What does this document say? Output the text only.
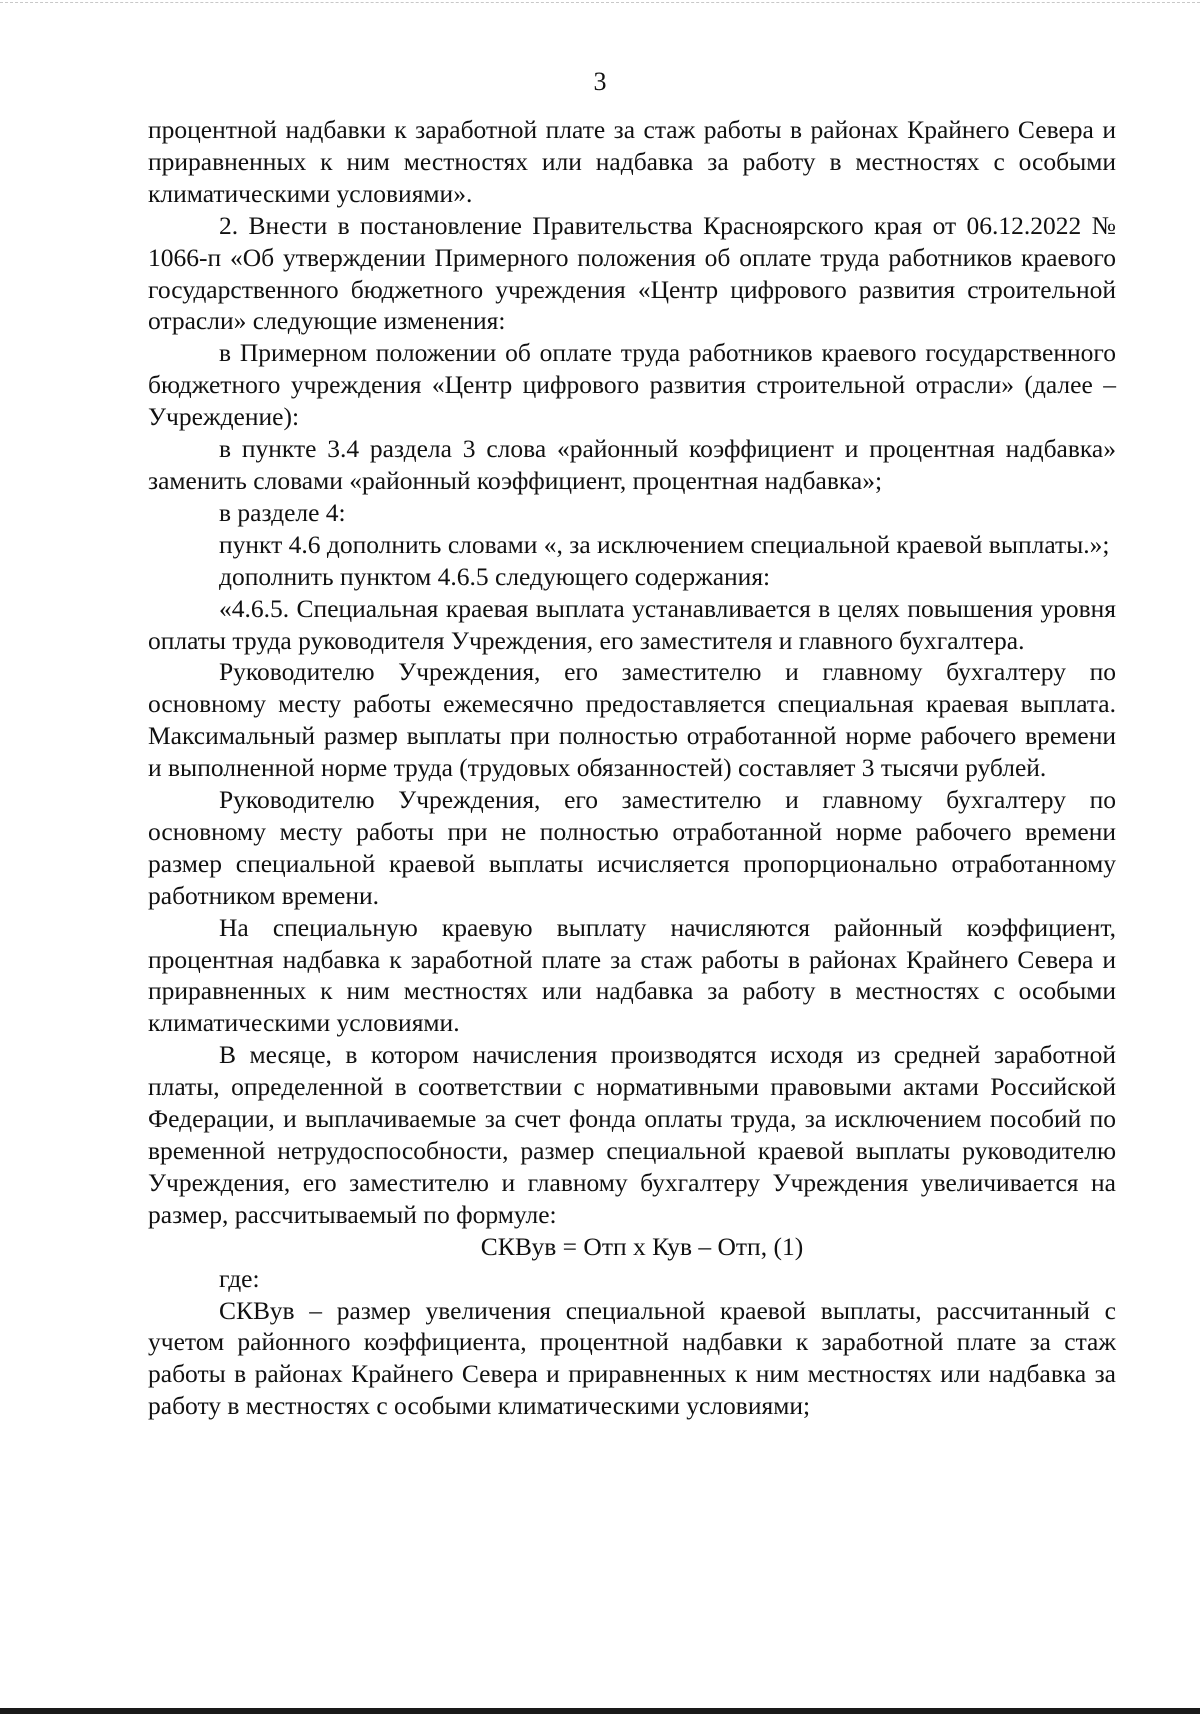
3

процентной надбавки к заработной плате за стаж работы в районах Крайнего Севера и приравненных к ним местностях или надбавка за работу в местностях с особыми климатическими условиями».

2. Внести в постановление Правительства Красноярского края от 06.12.2022 № 1066-п «Об утверждении Примерного положения об оплате труда работников краевого государственного бюджетного учреждения «Центр цифрового развития строительной отрасли» следующие изменения:

в Примерном положении об оплате труда работников краевого государственного бюджетного учреждения «Центр цифрового развития строительной отрасли» (далее – Учреждение):

в пункте 3.4 раздела 3 слова «районный коэффициент и процентная надбавка» заменить словами «районный коэффициент, процентная надбавка»;

в разделе 4:

пункт 4.6 дополнить словами «, за исключением специальной краевой выплаты.»;

дополнить пунктом 4.6.5 следующего содержания:

«4.6.5. Специальная краевая выплата устанавливается в целях повышения уровня оплаты труда руководителя Учреждения, его заместителя и главного бухгалтера.

Руководителю Учреждения, его заместителю и главному бухгалтеру по основному месту работы ежемесячно предоставляется специальная краевая выплата. Максимальный размер выплаты при полностью отработанной норме рабочего времени и выполненной норме труда (трудовых обязанностей) составляет 3 тысячи рублей.

Руководителю Учреждения, его заместителю и главному бухгалтеру по основному месту работы при не полностью отработанной норме рабочего времени размер специальной краевой выплаты исчисляется пропорционально отработанному работником времени.

На специальную краевую выплату начисляются районный коэффициент, процентная надбавка к заработной плате за стаж работы в районах Крайнего Севера и приравненных к ним местностях или надбавка за работу в местностях с особыми климатическими условиями.

В месяце, в котором начисления производятся исходя из средней заработной платы, определенной в соответствии с нормативными правовыми актами Российской Федерации, и выплачиваемые за счет фонда оплаты труда, за исключением пособий по временной нетрудоспособности, размер специальной краевой выплаты руководителю Учреждения, его заместителю и главному бухгалтеру Учреждения увеличивается на размер, рассчитываемый по формуле:

СКВув = Отп х Кув – Отп, (1)

где:

СКВув – размер увеличения специальной краевой выплаты, рассчитанный с учетом районного коэффициента, процентной надбавки к заработной плате за стаж работы в районах Крайнего Севера и приравненных к ним местностях или надбавка за работу в местностях с особыми климатическими условиями;
